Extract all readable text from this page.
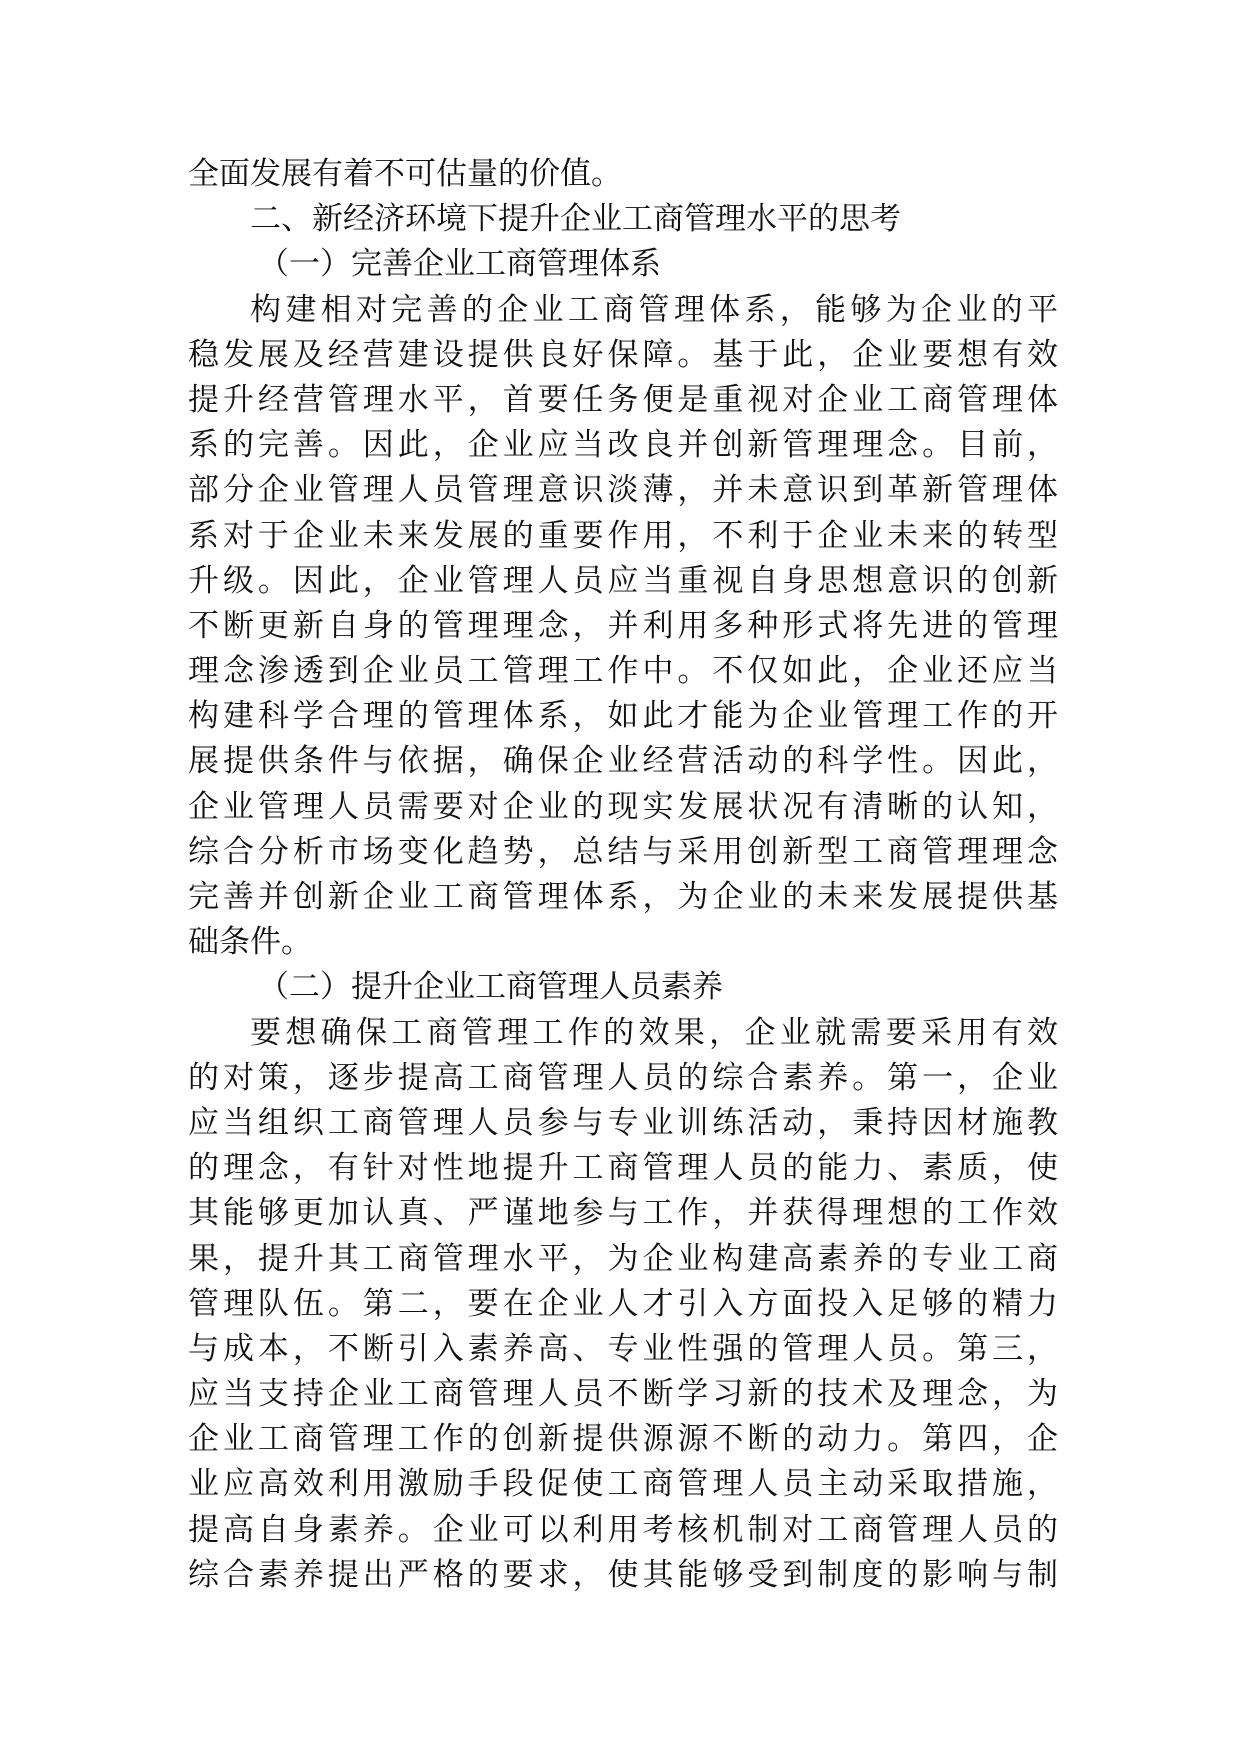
全面发展有着不可估量的价值。
二、新经济环境下提升企业工商管理水平的思考
（一）完善企业工商管理体系
构建相对完善的企业工商管理体系，能够为企业的平
稳发展及经营建设提供良好保障。基于此，企业要想有效
提升经营管理水平，首要任务便是重视对企业工商管理体
系的完善。因此，企业应当改良并创新管理理念。目前，
部分企业管理人员管理意识淡薄，并未意识到革新管理体
系对于企业未来发展的重要作用，不利于企业未来的转型
升级。因此，企业管理人员应当重视自身思想意识的创新
不断更新自身的管理理念，并利用多种形式将先进的管理
理念渗透到企业员工管理工作中。不仅如此，企业还应当
构建科学合理的管理体系，如此才能为企业管理工作的开
展提供条件与依据，确保企业经营活动的科学性。因此，
企业管理人员需要对企业的现实发展状况有清晰的认知，
综合分析市场变化趋势，总结与采用创新型工商管理理念
完善并创新企业工商管理体系，为企业的未来发展提供基
础条件。
（二）提升企业工商管理人员素养
要想确保工商管理工作的效果，企业就需要采用有效
的对策，逐步提高工商管理人员的综合素养。第一，企业
应当组织工商管理人员参与专业训练活动，秉持因材施教
的理念，有针对性地提升工商管理人员的能力、素质，使
其能够更加认真、严谨地参与工作，并获得理想的工作效
果，提升其工商管理水平，为企业构建高素养的专业工商
管理队伍。第二，要在企业人才引入方面投入足够的精力
与成本，不断引入素养高、专业性强的管理人员。第三，
应当支持企业工商管理人员不断学习新的技术及理念，为
企业工商管理工作的创新提供源源不断的动力。第四，企
业应高效利用激励手段促使工商管理人员主动采取措施，
提高自身素养。企业可以利用考核机制对工商管理人员的
综合素养提出严格的要求，使其能够受到制度的影响与制
